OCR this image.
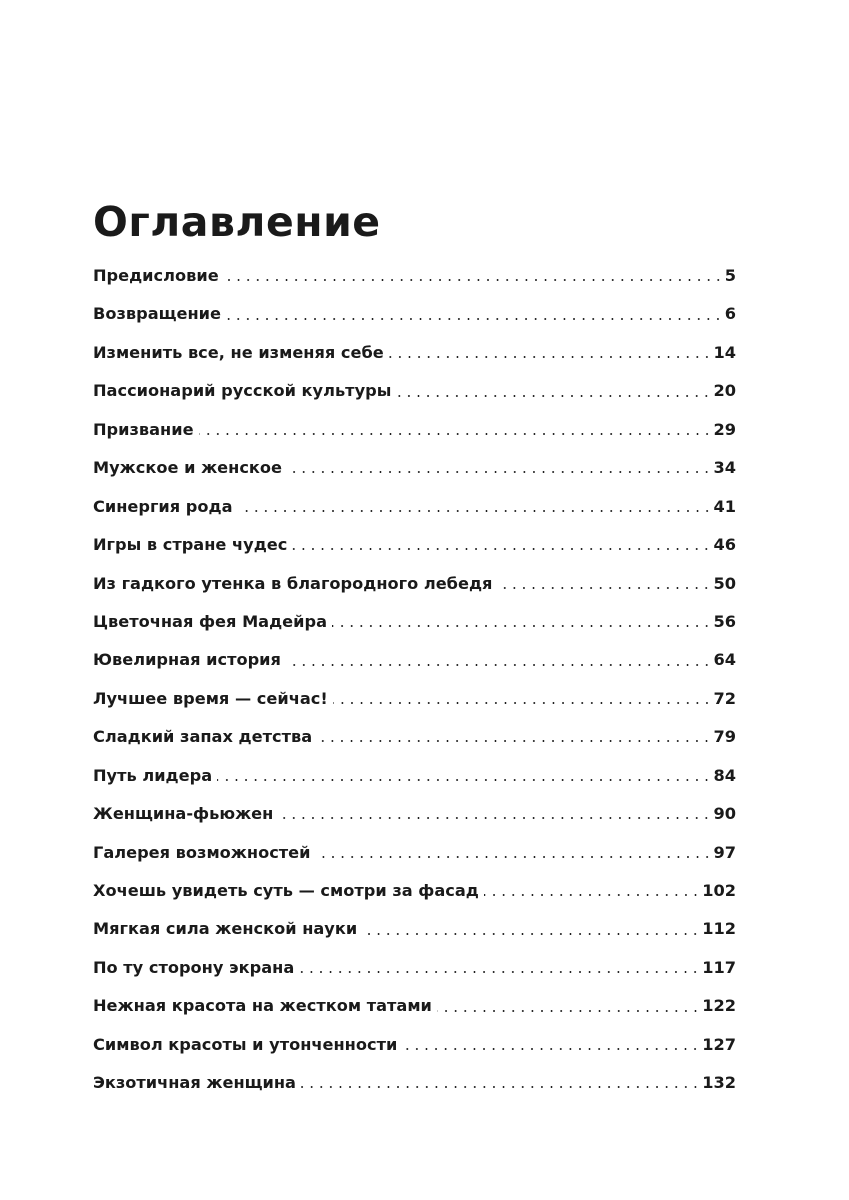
Оглавление
Предисловие	5
Возвращение	6
Изменить все, не изменяя себе	14
Пассионарий русской культуры	20
Призвание	29
Мужское и женское	34
Синергия рода	41
Игры в стране чудес	46
Из гадкого утенка в благородного лебедя	50
Цветочная фея Мадейра	56
Ювелирная история	64
Лучшее время — сейчас!	72
Сладкий запах детства	79
Путь лидера	84
Женщина-фьюжен	90
Галерея возможностей	97
Хочешь увидеть суть — смотри за фасад	102
Мягкая сила женской науки	112
По ту сторону экрана	117
Нежная красота на жестком татами	122
Символ красоты и утонченности	127
Экзотичная женщина	132
